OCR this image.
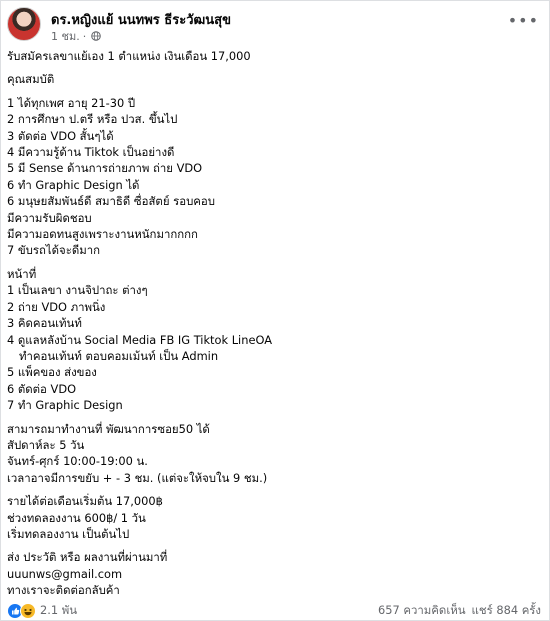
ดร.หญิงแย้ นนทพร ธีระวัฒนสุข
1 ชม. ·
•••
รับสมัครเลขาแย้เอง 1 ตำแหน่ง เงินเดือน 17,000
คุณสมบัติ
1 ได้ทุกเพศ อายุ 21-30 ปี
2 การศึกษา ป.ตรี หรือ ปวส. ขึ้นไป
3 ตัดต่อ VDO สั้นๆได้
4 มีความรู้ด้าน Tiktok เป็นอย่างดี
5 มี Sense ด้านการถ่ายภาพ ถ่าย VDO
6 ทำ Graphic Design ได้
6 มนุษยสัมพันธ์ดี สมาธิดี ซื่อสัตย์ รอบคอบ
มีความรับผิดชอบ
มีความอดทนสูงเพราะงานหนักมากกกก
7 ขับรถได้จะดีมาก
หน้าที่
1 เป็นเลขา งานจิปาถะ ต่างๆ
2 ถ่าย VDO ภาพนิ่ง
3 คิดคอนเท้นท์
4 ดูแลหลังบ้าน Social Media FB IG Tiktok LineOA
ทำคอนเท้นท์ ตอบคอมเม้นท์ เป็น Admin
5 แพ็คของ ส่งของ
6 ตัดต่อ VDO
7 ทำ Graphic Design
สามารถมาทำงานที่ พัฒนาการซอย50 ได้
สัปดาห์ละ 5 วัน
จันทร์-ศุกร์ 10:00-19:00 น.
เวลาอาจมีการขยับ + - 3 ชม. (แต่จะให้จบใน 9 ชม.)
รายได้ต่อเดือนเริ่มต้น 17,000฿
ช่วงทดลองงาน 600฿/ 1 วัน
เริ่มทดลองงาน เป็นต้นไป
ส่ง ประวัติ หรือ ผลงานที่ผ่านมาที่
uuunws@gmail.com
ทางเราจะติดต่อกลับค้า
2.1 พัน	657 ความคิดเห็น แชร์ 884 ครั้ง
